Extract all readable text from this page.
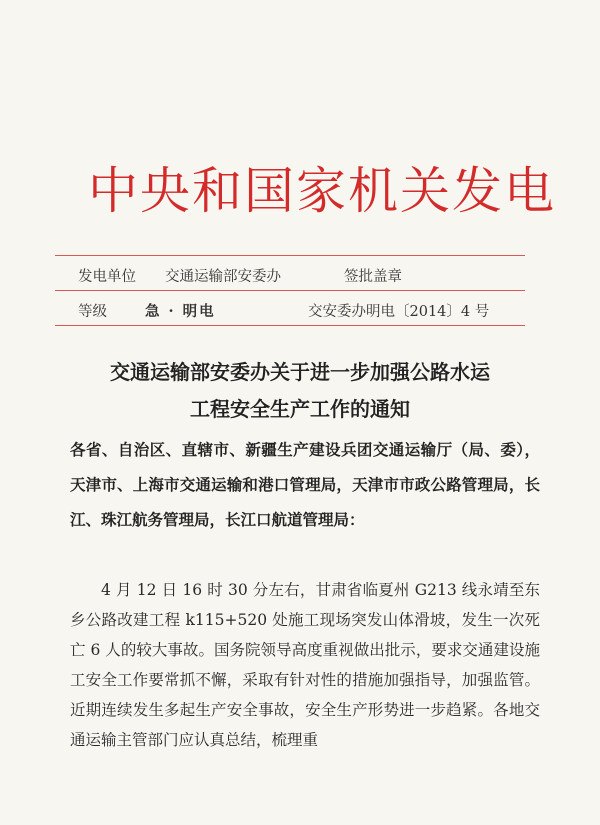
中央和国家机关发电
发电单位 交通运输部安委办	签批盖章
等级	急 · 明电	交安委办明电〔2014〕4 号
交通运输部安委办关于进一步加强公路水运
工程安全生产工作的通知
各省、自治区、直辖市、新疆生产建设兵团交通运输厅（局、委），天津市、上海市交通运输和港口管理局，天津市市政公路管理局，长江、珠江航务管理局，长江口航道管理局：
4 月 12 日 16 时 30 分左右，甘肃省临夏州 G213 线永靖至东乡公路改建工程 k115+520 处施工现场突发山体滑坡，发生一次死亡 6 人的较大事故。国务院领导高度重视做出批示，要求交通建设施工安全工作要常抓不懈，采取有针对性的措施加强指导，加强监管。近期连续发生多起生产安全事故，安全生产形势进一步趋紧。各地交通运输主管部门应认真总结，梳理重
